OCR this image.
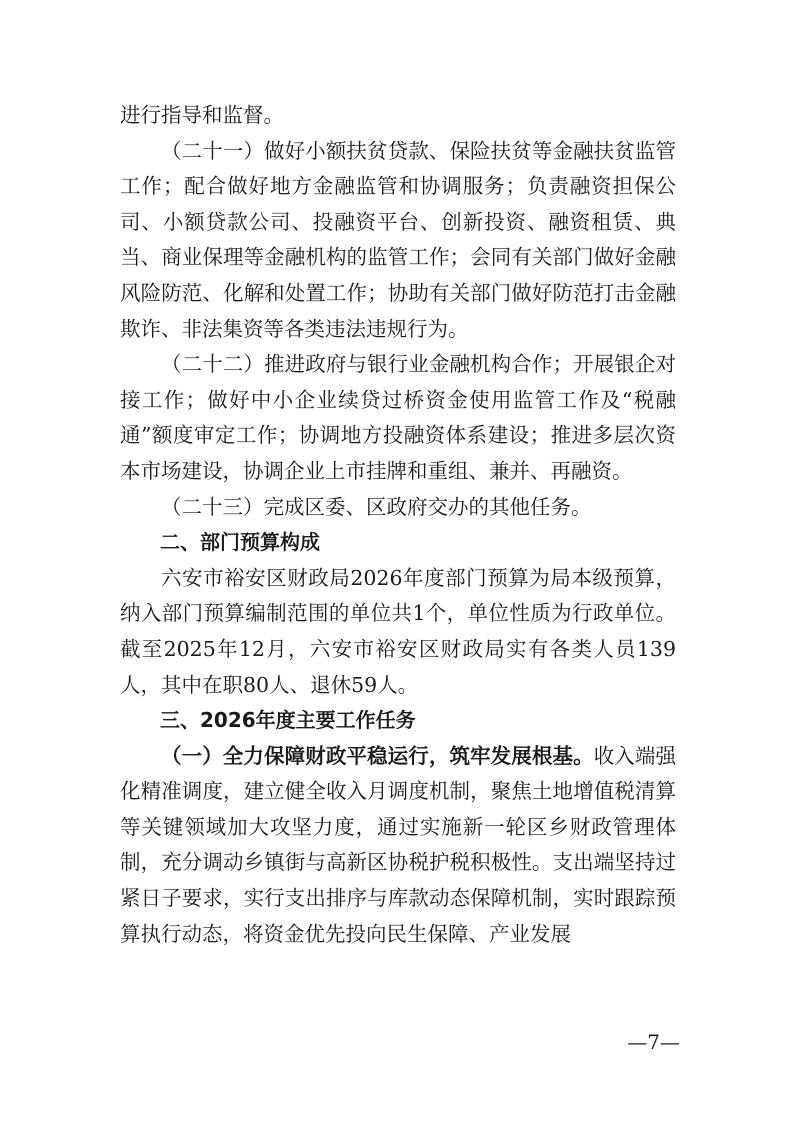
进行指导和监督。

（二十一）做好小额扶贫贷款、保险扶贫等金融扶贫监管工作；配合做好地方金融监管和协调服务；负责融资担保公司、小额贷款公司、投融资平台、创新投资、融资租赁、典当、商业保理等金融机构的监管工作；会同有关部门做好金融风险防范、化解和处置工作；协助有关部门做好防范打击金融欺诈、非法集资等各类违法违规行为。

（二十二）推进政府与银行业金融机构合作；开展银企对接工作；做好中小企业续贷过桥资金使用监管工作及“税融通”额度审定工作；协调地方投融资体系建设；推进多层次资本市场建设，协调企业上市挂牌和重组、兼并、再融资。

（二十三）完成区委、区政府交办的其他任务。

二、部门预算构成

六安市裕安区财政局2026年度部门预算为局本级预算，纳入部门预算编制范围的单位共1个，单位性质为行政单位。截至2025年12月，六安市裕安区财政局实有各类人员139人，其中在职80人、退休59人。

三、2026年度主要工作任务

（一）全力保障财政平稳运行，筑牢发展根基。收入端强化精准调度，建立健全收入月调度机制，聚焦土地增值税清算等关键领域加大攻坚力度，通过实施新一轮区乡财政管理体制，充分调动乡镇街与高新区协税护税积极性。支出端坚持过紧日子要求，实行支出排序与库款动态保障机制，实时跟踪预算执行动态，将资金优先投向民生保障、产业发展

—7—
